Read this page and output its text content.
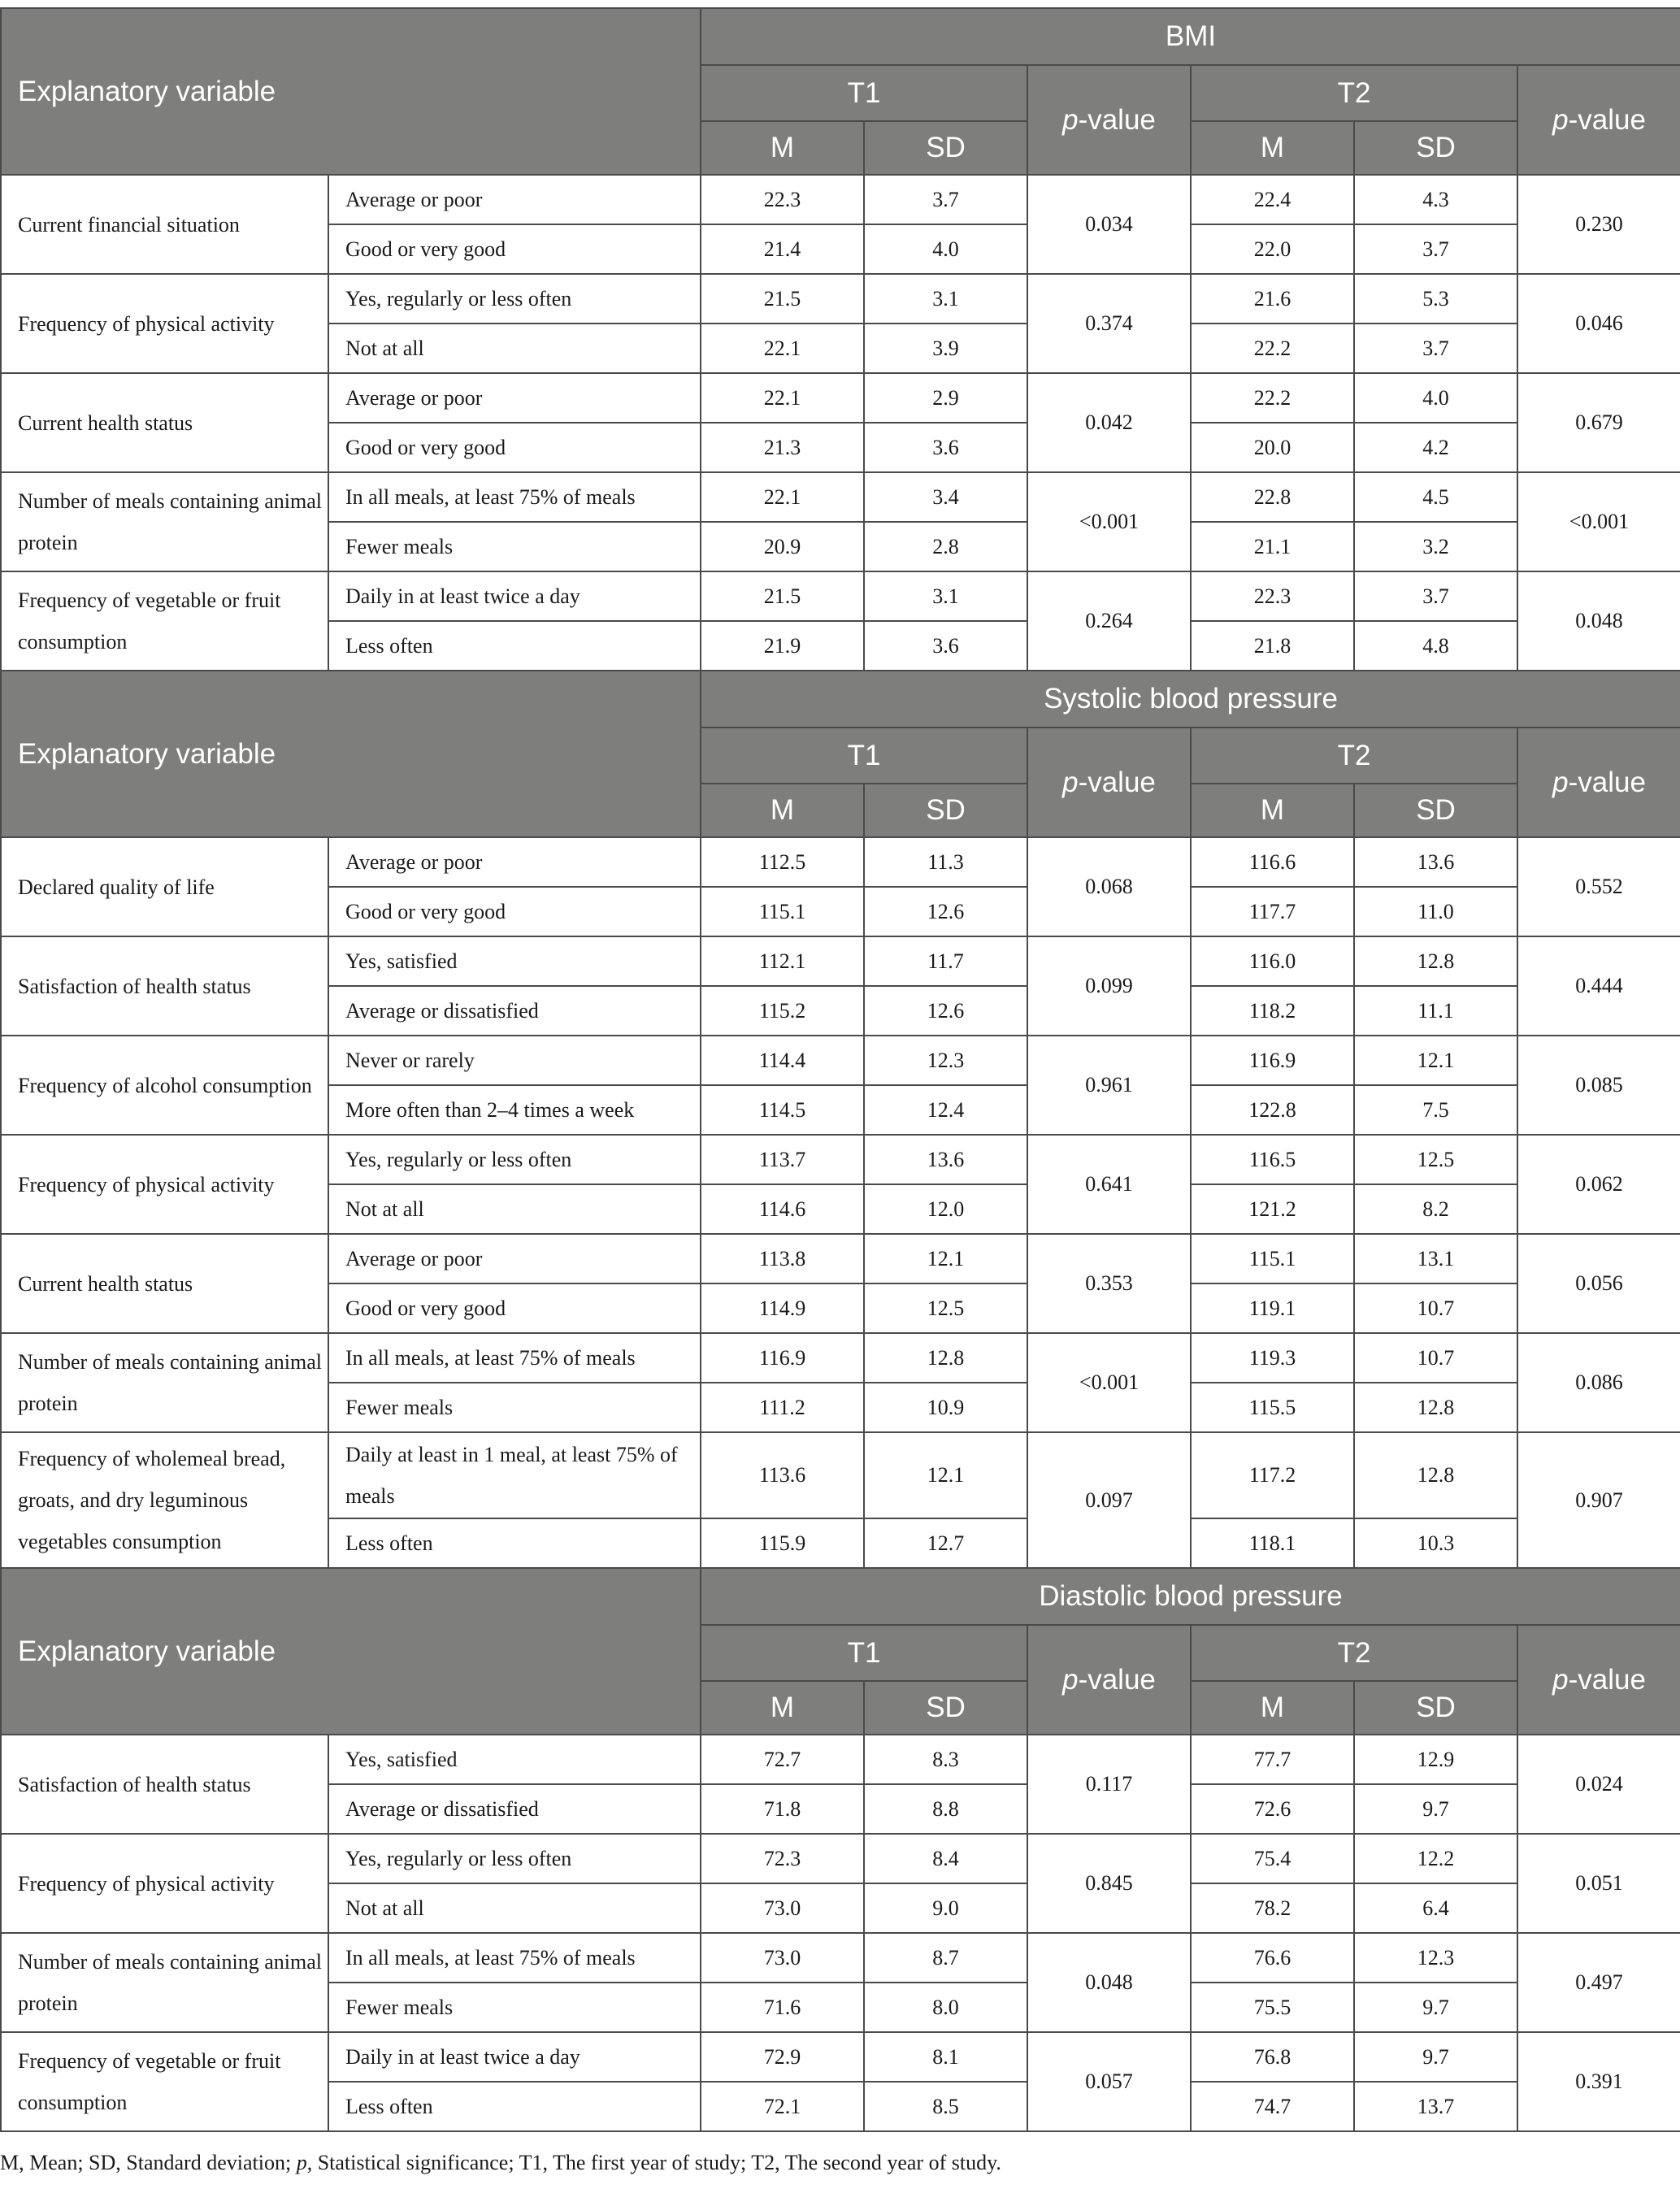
Explanatory variable		BMI					
		T1		p-value	T2		p-value
		M	SD		M	SD	
Current financial situation	Average or poor	22.3	3.7	0.034	22.4	4.3	0.230
	Good or very good	21.4	4.0		22.0	3.7	
Frequency of physical activity	Yes, regularly or less often	21.5	3.1	0.374	21.6	5.3	0.046
	Not at all	22.1	3.9		22.2	3.7	
Current health status	Average or poor	22.1	2.9	0.042	22.2	4.0	0.679
	Good or very good	21.3	3.6		20.0	4.2	
Number of meals containing animal protein	In all meals, at least 75% of meals	22.1	3.4	<0.001	22.8	4.5	<0.001
	Fewer meals	20.9	2.8		21.1	3.2	
Frequency of vegetable or fruit consumption	Daily in at least twice a day	21.5	3.1	0.264	22.3	3.7	0.048
	Less often	21.9	3.6		21.8	4.8	
Explanatory variable		Systolic blood pressure					
		T1		p-value	T2		p-value
		M	SD		M	SD	
Declared quality of life	Average or poor	112.5	11.3	0.068	116.6	13.6	0.552
	Good or very good	115.1	12.6		117.7	11.0	
Satisfaction of health status	Yes, satisfied	112.1	11.7	0.099	116.0	12.8	0.444
	Average or dissatisfied	115.2	12.6		118.2	11.1	
Frequency of alcohol consumption	Never or rarely	114.4	12.3	0.961	116.9	12.1	0.085
	More often than 2–4 times a week	114.5	12.4		122.8	7.5	
Frequency of physical activity	Yes, regularly or less often	113.7	13.6	0.641	116.5	12.5	0.062
	Not at all	114.6	12.0		121.2	8.2	
Current health status	Average or poor	113.8	12.1	0.353	115.1	13.1	0.056
	Good or very good	114.9	12.5		119.1	10.7	
Number of meals containing animal protein	In all meals, at least 75% of meals	116.9	12.8	<0.001	119.3	10.7	0.086
	Fewer meals	111.2	10.9		115.5	12.8	
Frequency of wholemeal bread, groats, and dry leguminous vegetables consumption	Daily at least in 1 meal, at least 75% of meals	113.6	12.1	0.097	117.2	12.8	0.907
	Less often	115.9	12.7		118.1	10.3	
Explanatory variable		Diastolic blood pressure					
		T1		p-value	T2		p-value
		M	SD		M	SD	
Satisfaction of health status	Yes, satisfied	72.7	8.3	0.117	77.7	12.9	0.024
	Average or dissatisfied	71.8	8.8		72.6	9.7	
Frequency of physical activity	Yes, regularly or less often	72.3	8.4	0.845	75.4	12.2	0.051
	Not at all	73.0	9.0		78.2	6.4	
Number of meals containing animal protein	In all meals, at least 75% of meals	73.0	8.7	0.048	76.6	12.3	0.497
	Fewer meals	71.6	8.0		75.5	9.7	
Frequency of vegetable or fruit consumption	Daily in at least twice a day	72.9	8.1	0.057	76.8	9.7	0.391
	Less often	72.1	8.5		74.7	13.7	
M, Mean; SD, Standard deviation; p, Statistical significance; T1, The first year of study; T2, The second year of study.
